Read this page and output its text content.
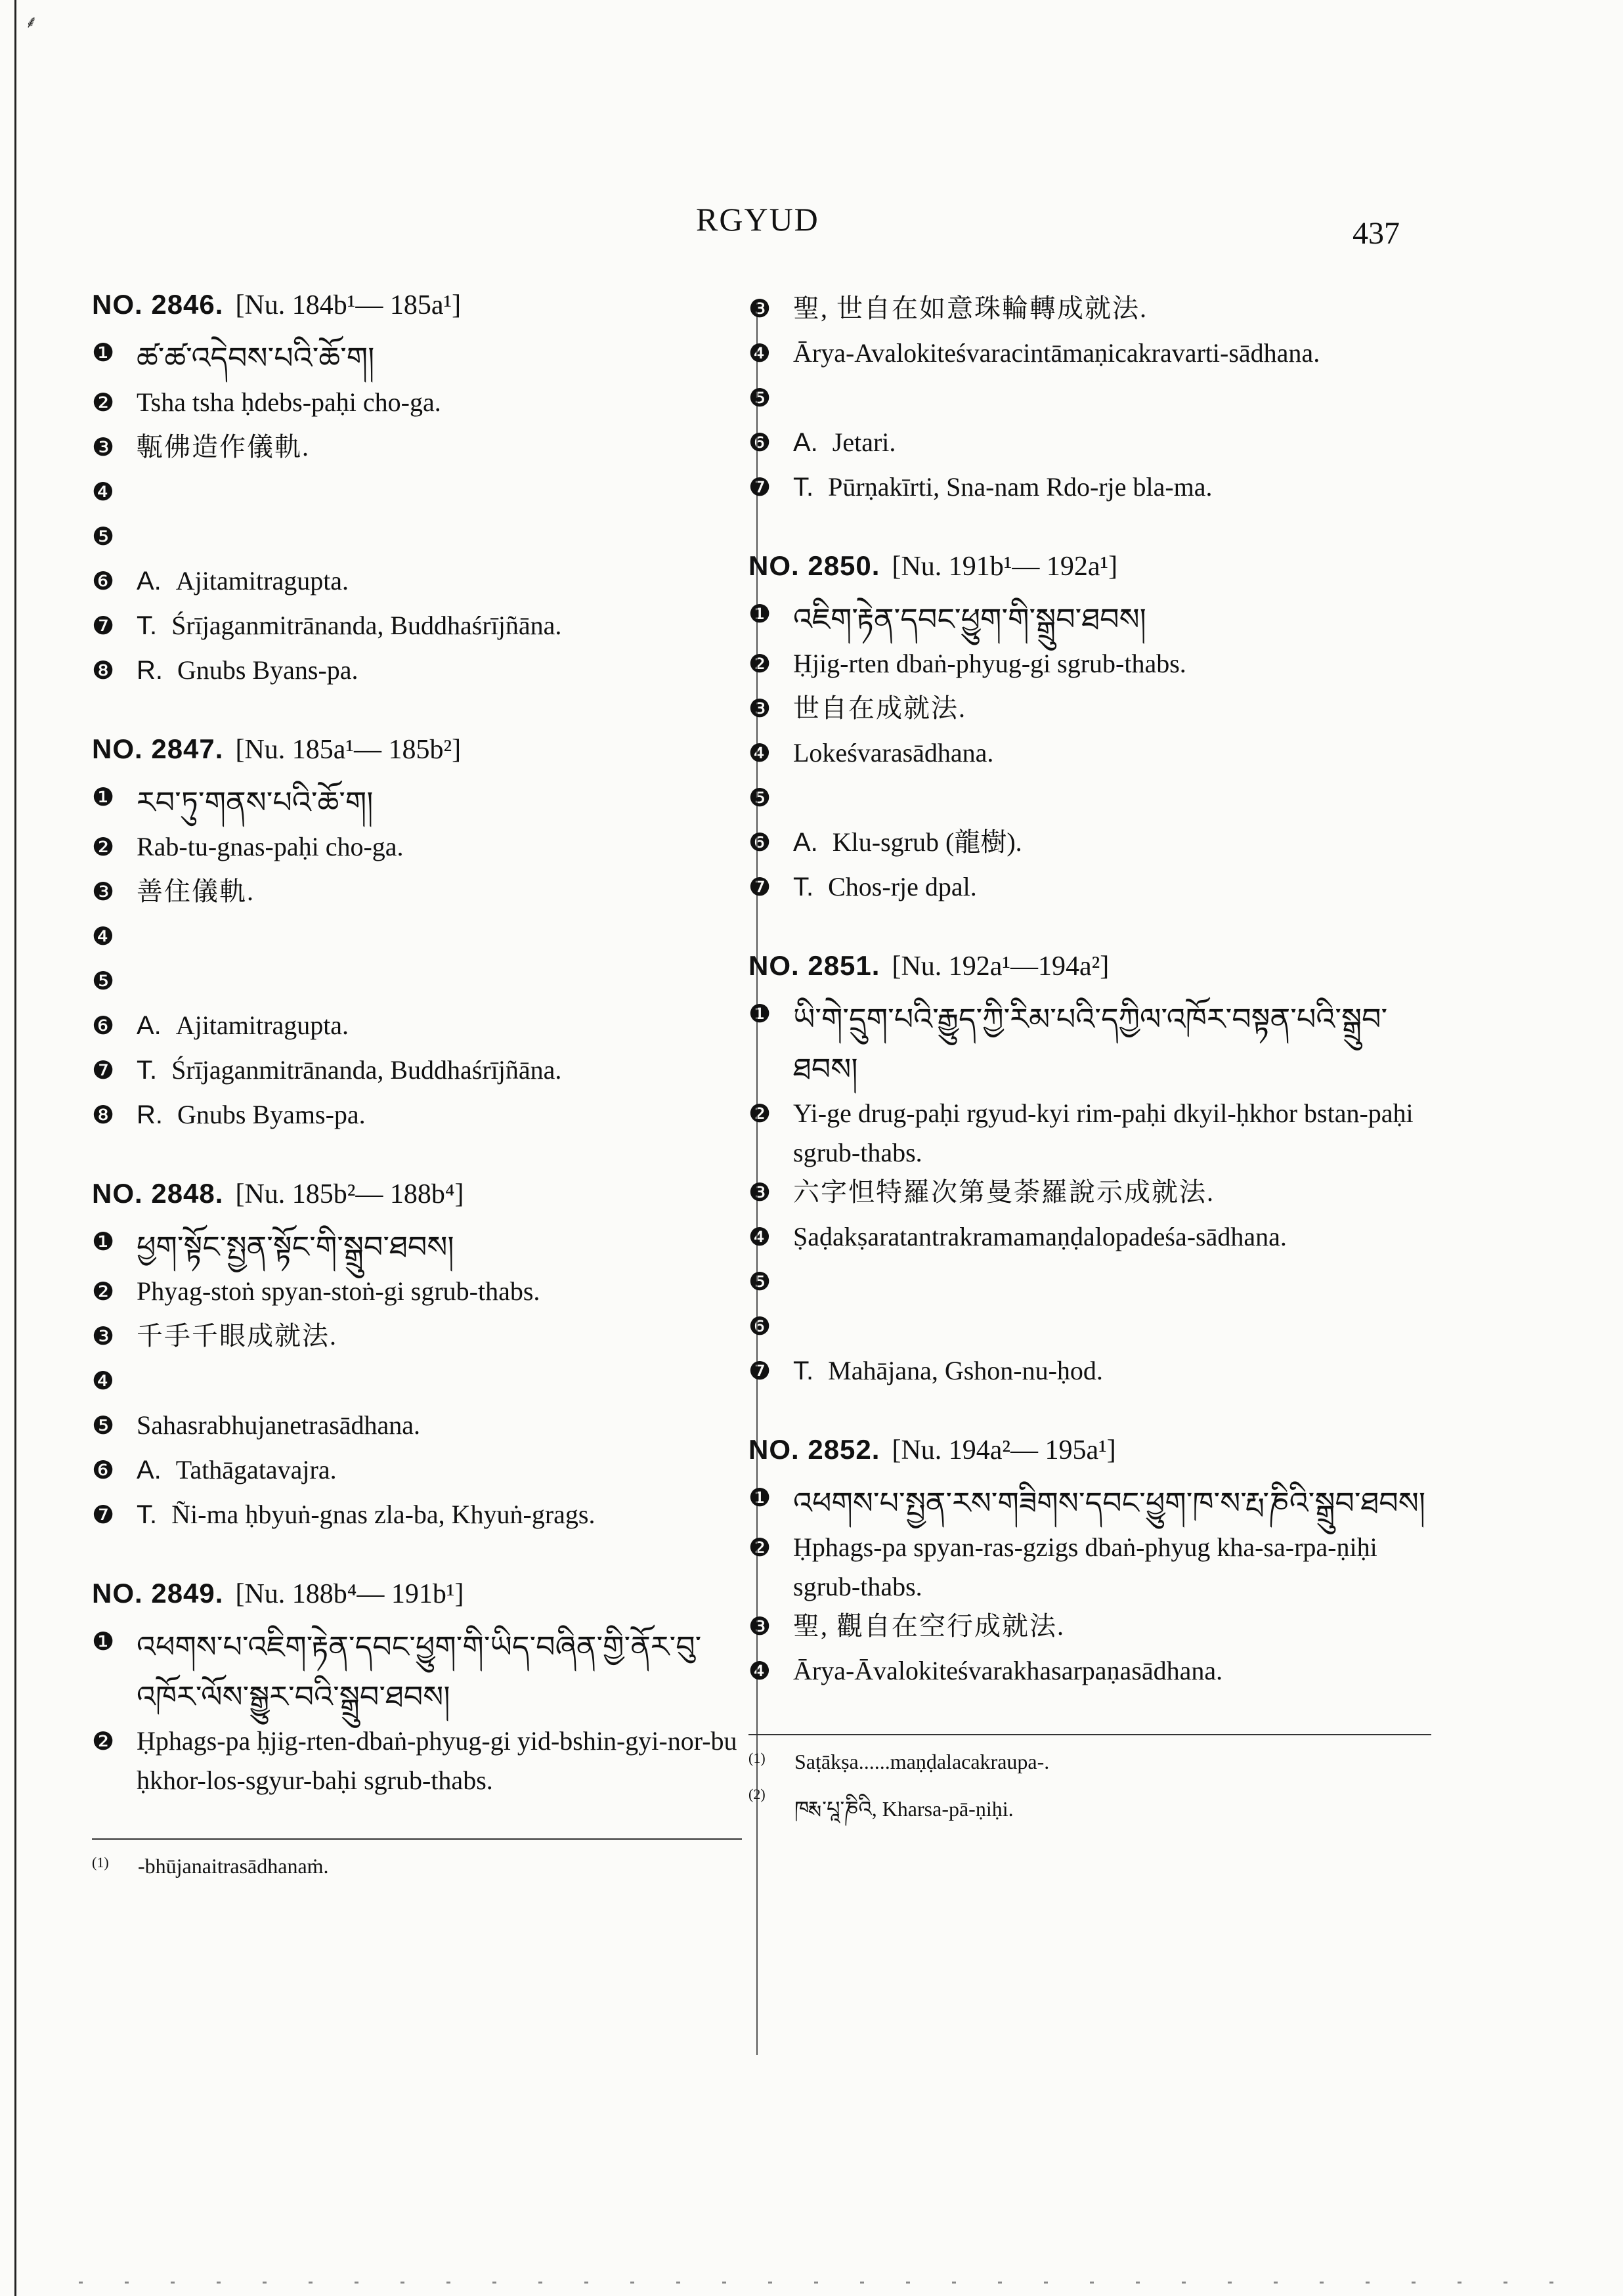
⸙
RGYUD	437
NO. 2846. [Nu. 184b¹— 185a¹]
❶ ཚ་ཚ་འདེབས་པའི་ཆོ་ག།
❷ Tsha tsha ḥdebs-paḥi cho-ga.
❸ 甎佛造作儀軌.
❹
❺
❻ A. Ajitamitragupta.
❼ T. Śrījaganmitrānanda, Buddhaśrījñāna.
❽ R. Gnubs Byans-pa.
NO. 2847. [Nu. 185a¹— 185b²]
❶ རབ་ཏུ་གནས་པའི་ཆོ་ག།
❷ Rab-tu-gnas-paḥi cho-ga.
❸ 善住儀軌.
❹
❺
❻ A. Ajitamitragupta.
❼ T. Śrījaganmitrānanda, Buddhaśrījñāna.
❽ R. Gnubs Byams-pa.
NO. 2848. [Nu. 185b²— 188b⁴]
❶ ཕྱག་སྟོང་སྤྱན་སྟོང་གི་སྒྲུབ་ཐབས།
❷ Phyag-stoṅ spyan-stoṅ-gi sgrub-thabs.
❸ 千手千眼成就法.
❹
❺ Sahasrabhujanetrasādhana.
❻ A. Tathāgatavajra.
❼ T. Ñi-ma ḥbyuṅ-gnas zla-ba, Khyuṅ-grags.
NO. 2849. [Nu. 188b⁴— 191b¹]
❶ འཕགས་པ་འཇིག་རྟེན་དབང་ཕྱུག་གི་ཡིད་བཞིན་གྱི་ནོར་བུ་འཁོར་ལོས་སྒྱུར་བའི་སྒྲུབ་ཐབས།
❷ Ḥphags-pa ḥjig-rten-dbaṅ-phyug-gi yid-bshin-gyi-nor-bu ḥkhor-los-sgyur-baḥi sgrub-thabs.
(1)	-bhūjanaitrasādhanaṁ.
❸ 聖, 世自在如意珠輪轉成就法.
❹ Ārya-Avalokiteśvaracintāmaṇicakravarti-sādhana.
❺
❻ A. Jetari.
❼ T. Pūrṇakīrti, Sna-nam Rdo-rje bla-ma.
NO. 2850. [Nu. 191b¹— 192a¹]
❶ འཇིག་རྟེན་དབང་ཕྱུག་གི་སྒྲུབ་ཐབས།
❷ Ḥjig-rten dbaṅ-phyug-gi sgrub-thabs.
❸ 世自在成就法.
❹ Lokeśvarasādhana.
❺
❻ A. Klu-sgrub (龍樹).
❼ T. Chos-rje dpal.
NO. 2851. [Nu. 192a¹—194a²]
❶ ཡི་གེ་དྲུག་པའི་རྒྱུད་ཀྱི་རིམ་པའི་དཀྱིལ་འཁོར་བསྟན་པའི་སྒྲུབ་ཐབས།
❷ Yi-ge drug-paḥi rgyud-kyi rim-paḥi dkyil-ḥkhor bstan-paḥi sgrub-thabs.
❸ 六字怛特羅次第曼荼羅說示成就法.
❹ Ṣaḍakṣaratantrakramamaṇḍalopadeśa-sādhana.
❺
❻
❼ T. Mahājana, Gshon-nu-ḥod.
NO. 2852. [Nu. 194a²— 195a¹]
❶ འཕགས་པ་སྤྱན་རས་གཟིགས་དབང་ཕྱུག་ཁ་ས་རྤ་ཎིའི་སྒྲུབ་ཐབས།
❷ Ḥphags-pa spyan-ras-gzigs dbaṅ-phyug kha-sa-rpa-ṇiḥi sgrub-thabs.
❸ 聖, 觀自在空行成就法.
❹ Ārya-Āvalokiteśvarakhasarpaṇasādhana.
(1)	Saṭākṣa......maṇḍalacakraupa-.
(2)
ཁརྶ་པཱ་ཎིའི, Kharsa-pā-ṇiḥi.
